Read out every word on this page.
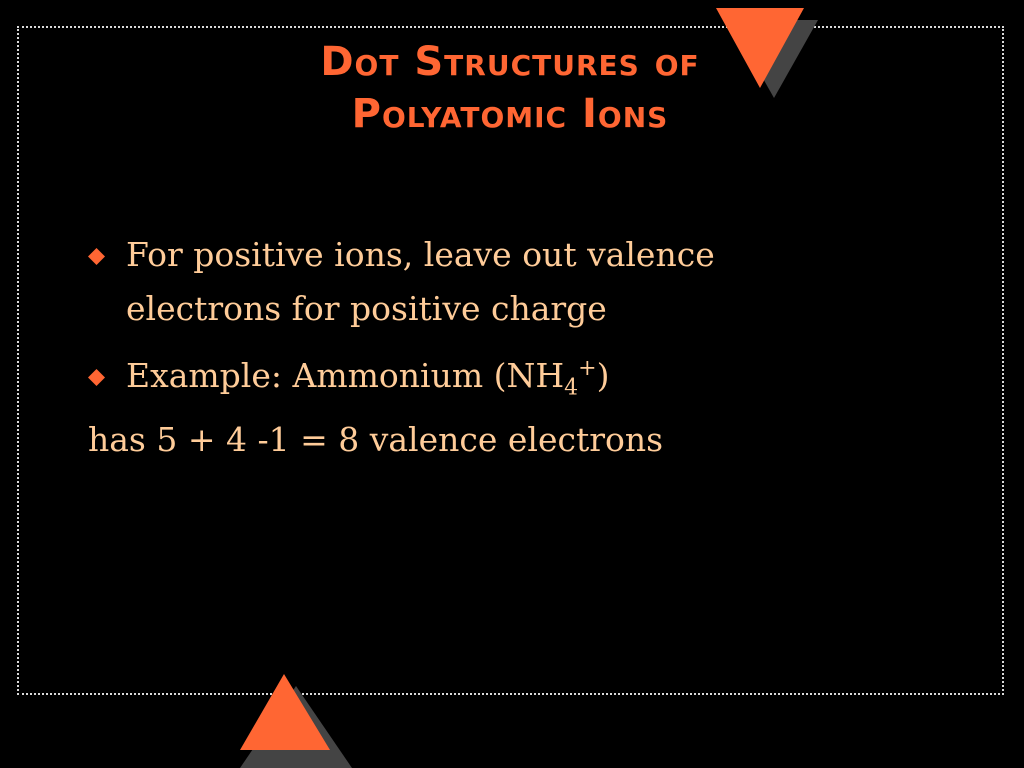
Dot Structures of
Polyatomic Ions
For positive ions, leave out valence electrons for positive charge
Example: Ammonium $(NH_4^+)$
has 5 + 4 -1 = 8 valence electrons
